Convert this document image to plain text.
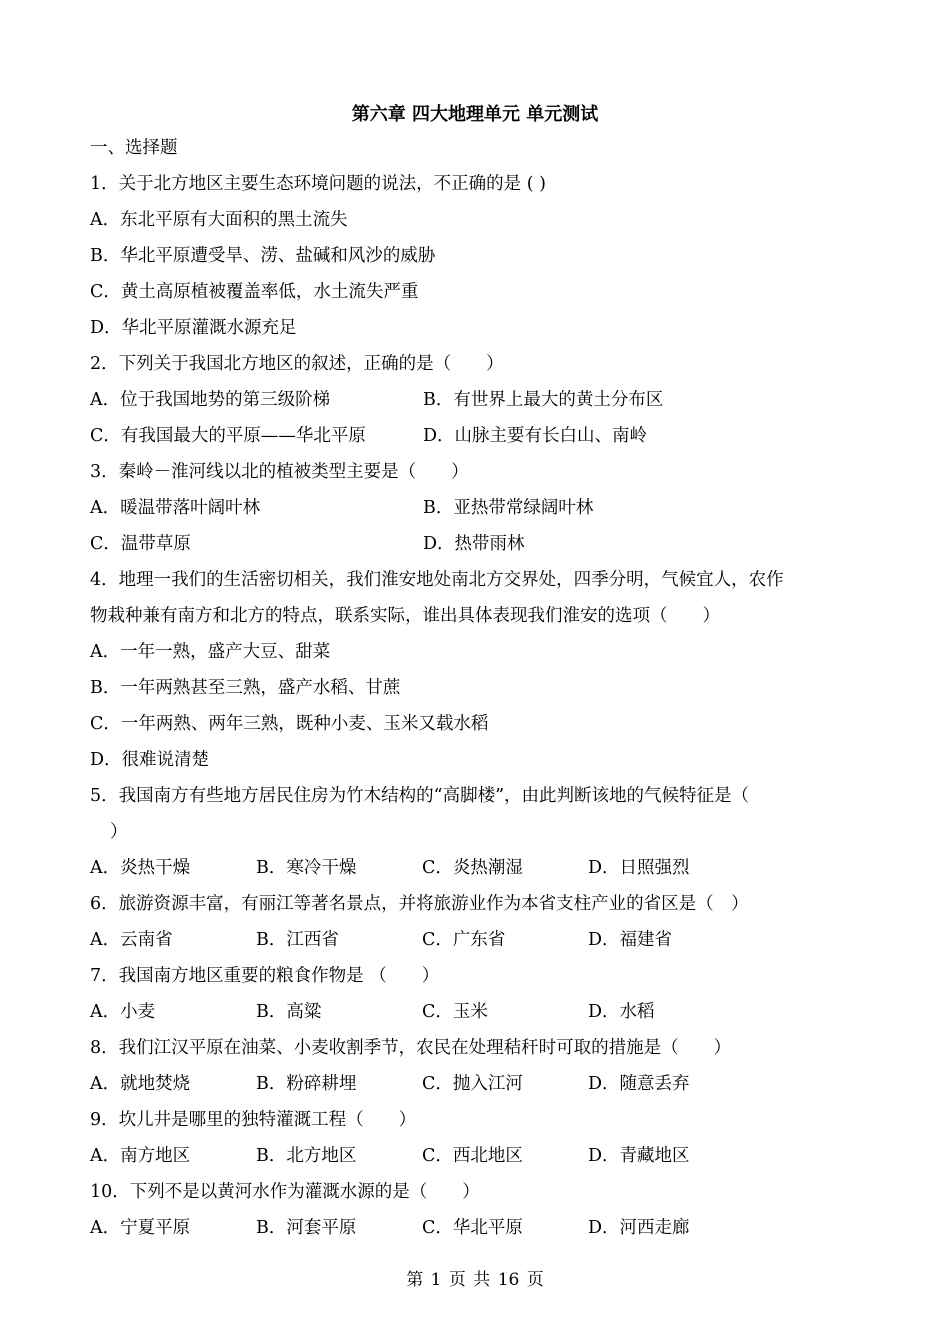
第六章 四大地理单元 单元测试
一、选择题
1．关于北方地区主要生态环境问题的说法，不正确的是 ( )
A．东北平原有大面积的黑土流失
B．华北平原遭受旱、涝、盐碱和风沙的威胁
C．黄土高原植被覆盖率低，水土流失严重
D．华北平原灌溉水源充足
2．下列关于我国北方地区的叙述，正确的是（　　）
A．位于我国地势的第三级阶梯	B．有世界上最大的黄土分布区
C．有我国最大的平原——华北平原	D．山脉主要有长白山、南岭
3．秦岭－淮河线以北的植被类型主要是（　　）
A．暖温带落叶阔叶林	B．亚热带常绿阔叶林
C．温带草原	D．热带雨林
4．地理一我们的生活密切相关，我们淮安地处南北方交界处，四季分明，气候宜人，农作
物栽种兼有南方和北方的特点，联系实际，谁出具体表现我们淮安的选项（　　）
A．一年一熟，盛产大豆、甜菜
B．一年两熟甚至三熟，盛产水稻、甘蔗
C．一年两熟、两年三熟，既种小麦、玉米又载水稻
D．很难说清楚
5．我国南方有些地方居民住房为竹木结构的“高脚楼”，由此判断该地的气候特征是（
）
A．炎热干燥	B．寒冷干燥	C．炎热潮湿	D．日照强烈
6．旅游资源丰富，有丽江等著名景点，并将旅游业作为本省支柱产业的省区是（　）
A．云南省	B．江西省	C．广东省	D．福建省
7．我国南方地区重要的粮食作物是 （　　）
A．小麦	B．高粱	C．玉米	D．水稻
8．我们江汉平原在油菜、小麦收割季节，农民在处理秸秆时可取的措施是（　　）
A．就地焚烧	B．粉碎耕埋	C．抛入江河	D．随意丢弃
9．坎儿井是哪里的独特灌溉工程（　　）
A．南方地区	B．北方地区	C．西北地区	D．青藏地区
10．下列不是以黄河水作为灌溉水源的是（　　）
A．宁夏平原	B．河套平原	C．华北平原	D．河西走廊
第 1 页 共 16 页
